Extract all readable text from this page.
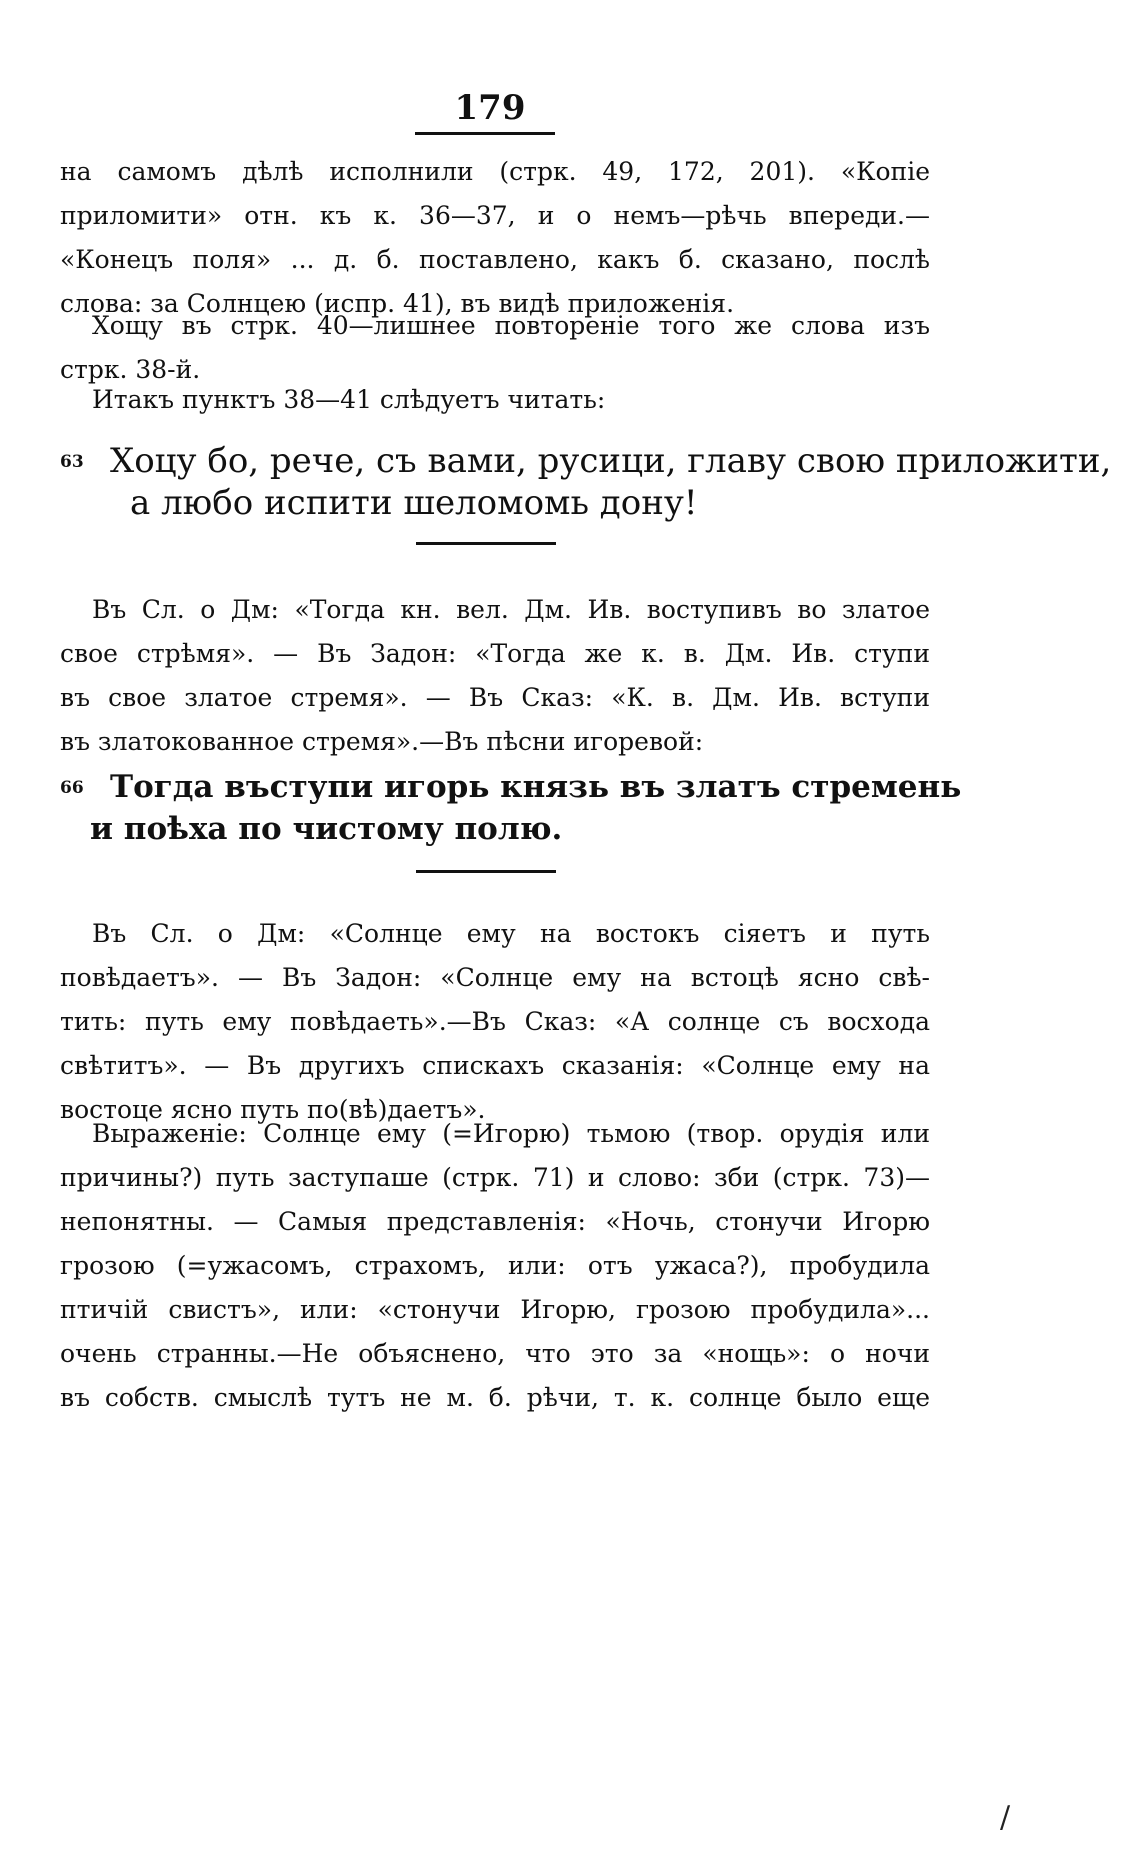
179
на самомъ дѣлѣ исполнили (стрк. 49, 172, 201). «Копіе
приломити» отн. къ к. 36—37, и о немъ—рѣчь впереди.—
«Конецъ поля» ... д. б. поставлено, какъ б. сказано, послѣ
слова: за Солнцею (испр. 41), въ видѣ приложенія.
Хощу въ стрк. 40—лишнее повтореніе того же слова изъ
стрк. 38-й.
Итакъ пунктъ 38—41 слѣдуетъ читать:
63 Хоцу бо, рече, съ вами, русици, главу свою приложити,
а любо испити шеломомь дону!
Въ Сл. о Дм: «Тогда кн. вел. Дм. Ив. воступивъ во златое
свое стрѣмя». — Въ Задон: «Тогда же к. в. Дм. Ив. ступи
въ свое златое стремя». — Въ Сказ: «К. в. Дм. Ив. вступи
въ златокованное стремя».—Въ пѣсни игоревой:
66 Тогда въступи игорь князь въ златъ стремень
и поѣха по чистому полю.
Въ Сл. о Дм: «Солнце ему на востокъ сіяетъ и путь
повѣдаетъ». — Въ Задон: «Солнце ему на встоцѣ ясно свѣ-
тить: путь ему повѣдаеть».—Въ Сказ: «А солнце съ восхода
свѣтитъ». — Въ другихъ спискахъ сказанія: «Солнце ему на
востоце ясно путь по(вѣ)даетъ».
Выраженіе: Солнце ему (=Игорю) тьмою (твор. орудія или
причины?) путь заступаше (стрк. 71) и слово: зби (стрк. 73)—
непонятны. — Самыя представленія: «Ночь, стонучи Игорю
грозою (=ужасомъ, страхомъ, или: отъ ужаса?), пробудила
птичій свистъ», или: «стонучи Игорю, грозою пробудила»...
очень странны.—Не объяснено, что это за «нощь»: о ночи
въ собств. смыслѣ тутъ не м. б. рѣчи, т. к. солнце было еще
/
